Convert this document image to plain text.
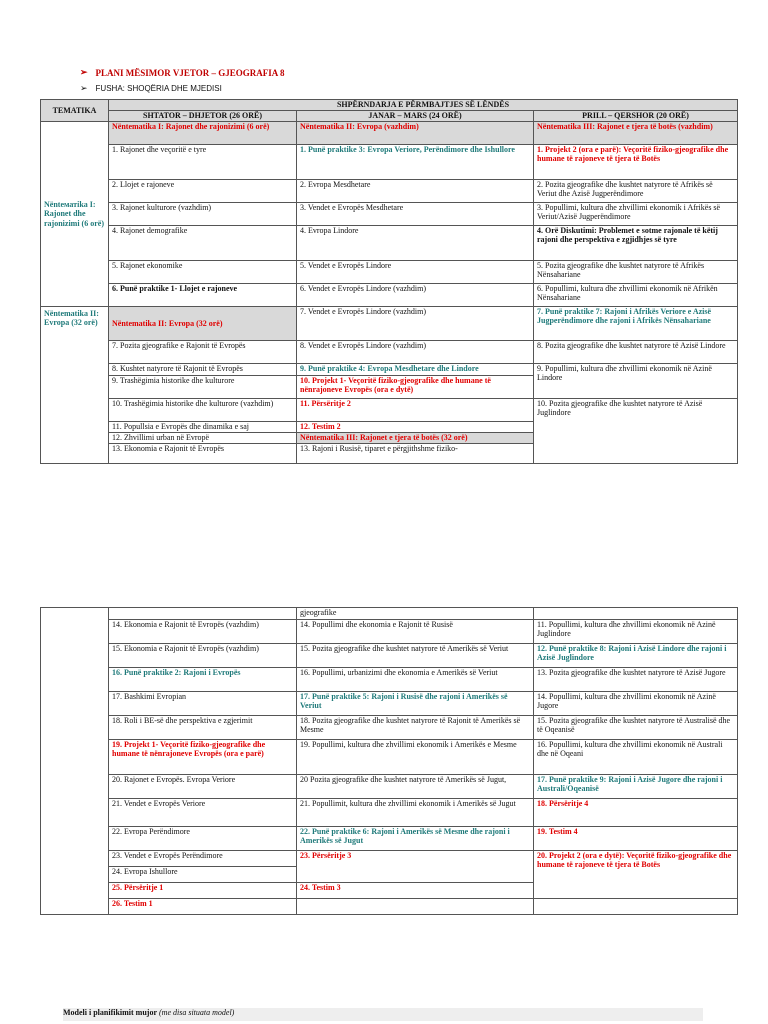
➢ PLANI MËSIMOR VJETOR – GJEOGRAFIA 8
➢ FUSHA: SHOQËRIA DHE MJEDISI
TEMATIKA	SHPËRNDARJA E PËRMBAJTJES SË LËNDËS		
	SHTATOR – DHJETOR (26 ORË)	JANAR – MARS (24 ORË)	PRILL – QERSHOR (20 ORË)
Nënteматika I: Rajonet dhe rajonizimi (6 orë)	Nëntematika I: Rajonet dhe rajonizimi (6 orë)	Nëntematika II: Evropa (vazhdim)	Nëntematika III: Rajonet e tjera të botës (vazhdim)
	1. Rajonet dhe veçoritë e tyre	1. Punë praktike 3: Evropa Veriore, Perëndimore dhe Ishullore	1. Projekt 2 (ora e parë): Veçoritë fiziko-gjeografike dhe humane të rajoneve të tjera të Botës
	2. Llojet e rajoneve	2. Evropa Mesdhetare	2. Pozita gjeografike dhe kushtet natyrore të Afrikës së Veriut dhe Azisë Jugperëndimore
	3. Rajonet kulturore (vazhdim)	3. Vendet e Evropës Mesdhetare	3. Popullimi, kultura dhe zhvillimi ekonomik i Afrikës së Veriut/Azisë Jugperëndimore
	4. Rajonet demografike	4. Evropa Lindore	4. Orë Diskutimi: Problemet e sotme rajonale të këtij rajoni dhe perspektiva e zgjidhjes së tyre
	5. Rajonet ekonomike	5. Vendet e Evropës Lindore	5. Pozita gjeografike dhe kushtet natyrore të Afrikës Nënsahariane
	6. Punë praktike 1- Llojet e rajoneve	6. Vendet e Evropës Lindore (vazhdim)	6. Popullimi, kultura dhe zhvillimi ekonomik në Afrikën Nënsahariane
Nëntematika II: Evropa (32 orë)	Nëntematika II: Evropa (32 orë)	7. Vendet e Evropës Lindore (vazhdim)	7. Punë praktike 7: Rajoni i Afrikës Veriore e Azisë Jugperëndimore dhe rajoni i Afrikës Nënsahariane
	7. Pozita gjeografike e Rajonit të Evropës	8. Vendet e Evropës Lindore (vazhdim)	8. Pozita gjeografike dhe kushtet natyrore të Azisë Lindore
	8. Kushtet natyrore të Rajonit të Evropës	9. Punë praktike 4: Evropa Mesdhetare dhe Lindore	9. Popullimi, kultura dhe zhvillimi ekonomik në Azinë Lindore
	9. Trashëgimia historike dhe kulturore	10. Projekt 1- Veçoritë fiziko-gjeografike dhe humane të nënrajoneve Evropës (ora e dytë)	
	10. Trashëgimia historike dhe kulturore (vazhdim)	11. Përsëritje 2	10. Pozita gjeografike dhe kushtet natyrore të Azisë Juglindore
	11. Popullsia e Evropës dhe dinamika e saj	12. Testim 2	
	12. Zhvillimi urban në Evropë	Nëntematika III: Rajonet e tjera të botës (32 orë)	
	13. Ekonomia e Rajonit të Evropës	13. Rajoni i Rusisë, tiparet e përgjithshme fiziko-	
		gjeografike	
	14. Ekonomia e Rajonit të Evropës (vazhdim)	14. Popullimi dhe ekonomia e Rajonit të Rusisë	11. Popullimi, kultura dhe zhvillimi ekonomik në Azinë Juglindore
	15. Ekonomia e Rajonit të Evropës (vazhdim)	15. Pozita gjeografike dhe kushtet natyrore të Amerikës së Veriut	12. Punë praktike 8: Rajoni i Azisë Lindore dhe rajoni i Azisë Juglindore
	16. Punë praktike 2: Rajoni i Evropës	16. Popullimi, urbanizimi dhe ekonomia e Amerikës së Veriut	13. Pozita gjeografike dhe kushtet natyrore të Azisë Jugore
	17. Bashkimi Evropian	17. Punë praktike 5: Rajoni i Rusisë dhe rajoni i Amerikës së Veriut	14. Popullimi, kultura dhe zhvillimi ekonomik në Azinë Jugore
	18. Roli i BE-së dhe perspektiva e zgjerimit	18. Pozita gjeografike dhe kushtet natyrore të Rajonit të Amerikës së Mesme	15. Pozita gjeografike dhe kushtet natyrore të Australisë dhe të Oqeanisë
	19. Projekt 1- Veçoritë fiziko-gjeografike dhe humane të nënrajoneve Evropës (ora e parë)	19. Popullimi, kultura dhe zhvillimi ekonomik i Amerikës e Mesme	16. Popullimi, kultura dhe zhvillimi ekonomik në Australi dhe në Oqeani
	20. Rajonet e Evropës. Evropa Veriore	20 Pozita gjeografike dhe kushtet natyrore të Amerikës së Jugut,	17. Punë praktike 9: Rajoni i Azisë Jugore dhe rajoni i Australi/Oqeanisë
	21. Vendet e Evropës Veriore	21. Popullimit, kultura dhe zhvillimi ekonomik i Amerikës së Jugut	18. Përsëritje 4
	22. Evropa Perëndimore	22. Punë praktike 6: Rajoni i Amerikës së Mesme dhe rajoni i Amerikës së Jugut	19. Testim 4
	23. Vendet e Evropës Perëndimore	23. Përsëritje 3	20. Projekt 2 (ora e dytë): Veçoritë fiziko-gjeografike dhe humane të rajoneve të tjera të Botës
	24. Evropa Ishullore		
	25. Përsëritje 1	24. Testim 3	
	26. Testim 1		
Modeli i planifikimit mujor (me disa situata model)
